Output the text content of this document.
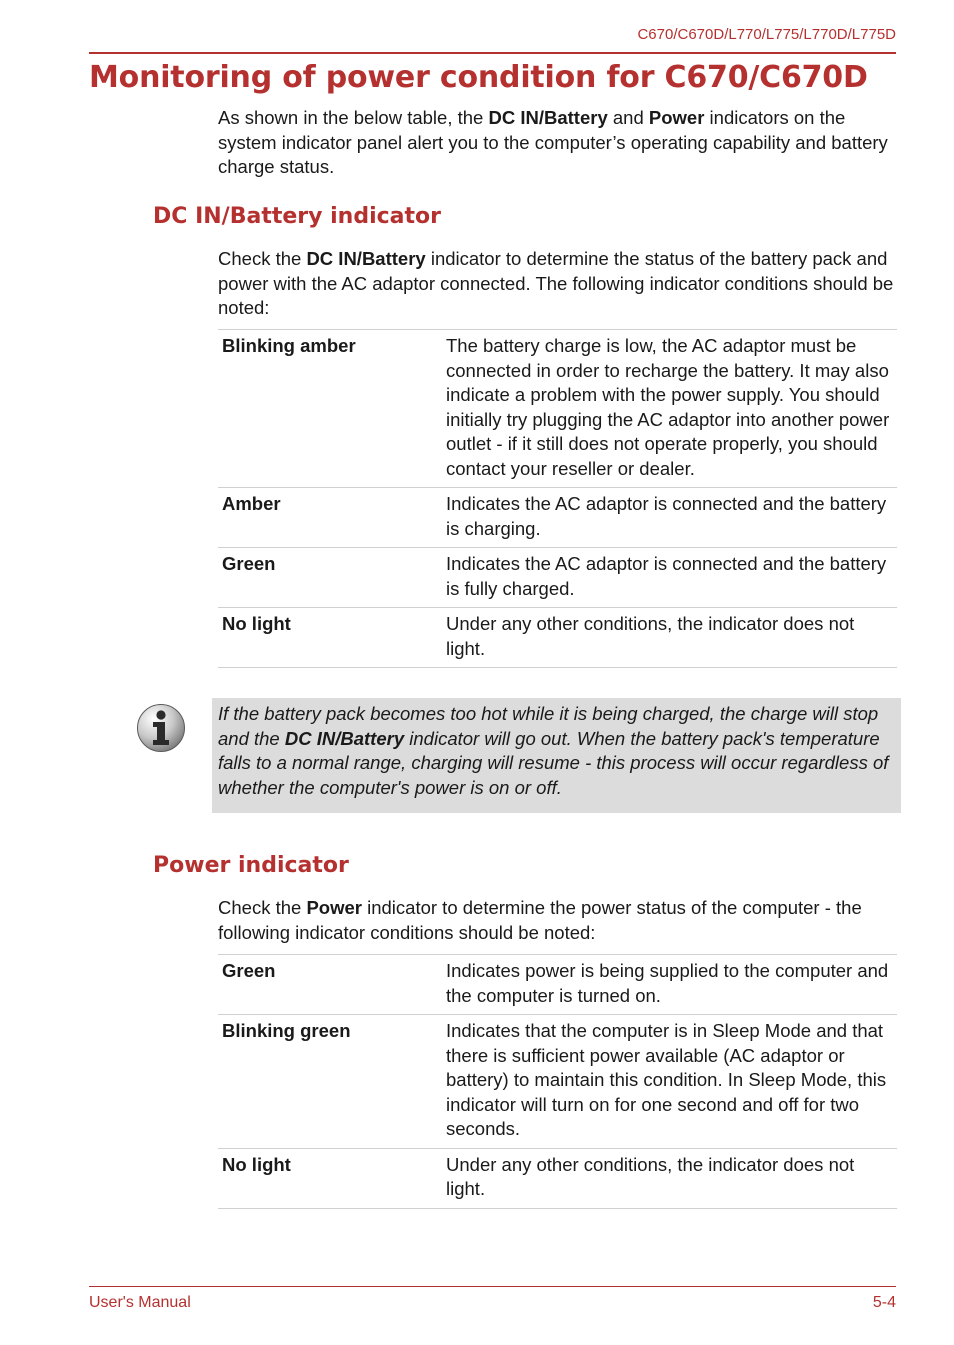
C670/C670D/L770/L775/L770D/L775D
Monitoring of power condition for C670/C670D

As shown in the below table, the DC IN/Battery and Power indicators on the system indicator panel alert you to the computer’s operating capability and battery charge status.

DC IN/Battery indicator

Check the DC IN/Battery indicator to determine the status of the battery pack and power with the AC adaptor connected. The following indicator conditions should be noted:

Blinking amber	The battery charge is low, the AC adaptor must be connected in order to recharge the battery. It may also indicate a problem with the power supply. You should initially try plugging the AC adaptor into another power outlet - if it still does not operate properly, you should contact your reseller or dealer.
Amber	Indicates the AC adaptor is connected and the battery is charging.
Green	Indicates the AC adaptor is connected and the battery is fully charged.
No light	Under any other conditions, the indicator does not light.
If the battery pack becomes too hot while it is being charged, the charge will stop and the DC IN/Battery indicator will go out. When the battery pack's temperature falls to a normal range, charging will resume - this process will occur regardless of whether the computer's power is on or off.
Power indicator

Check the Power indicator to determine the power status of the computer - the following indicator conditions should be noted:

Green	Indicates power is being supplied to the computer and the computer is turned on.
Blinking green	Indicates that the computer is in Sleep Mode and that there is sufficient power available (AC adaptor or battery) to maintain this condition. In Sleep Mode, this indicator will turn on for one second and off for two seconds.
No light	Under any other conditions, the indicator does not light.
User's Manual	5-4
